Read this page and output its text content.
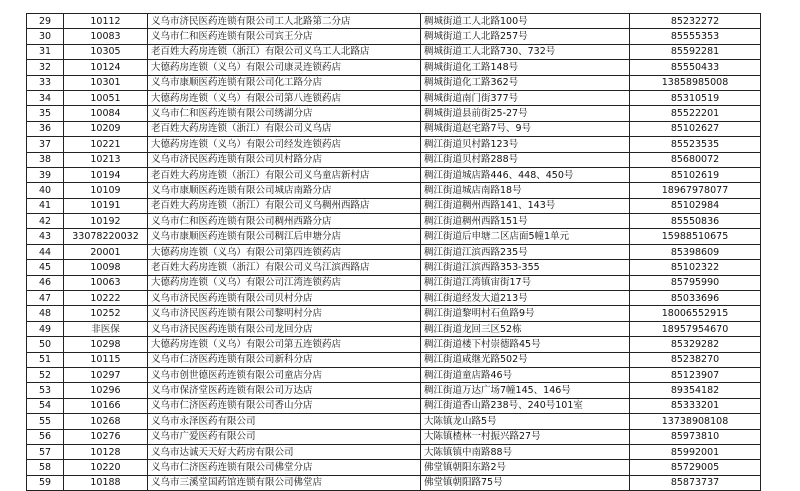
29	10112	义乌市济民医药连锁有限公司工人北路第二分店	稠城街道工人北路100号	85232272
30	10083	义乌市仁和医药连锁有限公司宾王分店	稠城街道工人北路257号	85555353
31	10305	老百姓大药房连锁（浙江）有限公司义乌工人北路店	稠城街道工人北路730、732号	85592281
32	10124	大德药房连锁（义乌）有限公司康灵连锁药店	稠城街道化工路148号	85550433
33	10301	义乌市康顺医药连锁有限公司化工路分店	稠城街道化工路362号	13858985008
34	10051	大德药房连锁（义乌）有限公司第八连锁药店	稠城街道南门街377号	85310519
35	10084	义乌市仁和医药连锁有限公司绣湖分店	稠城街道县前街25-27号	85522201
36	10209	老百姓大药房连锁（浙江）有限公司义乌店	稠城街道赵宅路7号、9号	85102627
37	10221	大德药房连锁（义乌）有限公司经发连锁药店	稠江街道贝村路123号	85523535
38	10213	义乌市济民医药连锁有限公司贝村路分店	稠江街道贝村路288号	85680072
39	10194	老百姓大药房连锁（浙江）有限公司义乌童店新村店	稠江街道城店路446、448、450号	85102619
40	10109	义乌市康顺医药连锁有限公司城店南路分店	稠江街道城店南路18号	18967978077
41	10191	老百姓大药房连锁（浙江）有限公司义乌稠州西路店	稠江街道稠州西路141、143号	85102984
42	10192	义乌市仁和医药连锁有限公司稠州西路分店	稠江街道稠州西路151号	85550836
43	33078220032	义乌市康顺医药连锁有限公司稠江后申塘分店	稠江街道后申塘二区店面5幢1单元	15988510675
44	20001	大德药房连锁（义乌）有限公司第四连锁药店	稠江街道江滨西路235号	85398609
45	10098	老百姓大药房连锁（浙江）有限公司义乌江滨西路店	稠江街道江滨西路353-355	85102322
46	10063	大德药房连锁（义乌）有限公司江湾连锁药店	稠江街道江湾镇宙街17号	85795990
47	10222	义乌市济民医药连锁有限公司贝村分店	稠江街道经发大道213号	85033696
48	10252	义乌市济民医药连锁有限公司黎明村分店	稠江街道黎明村石鱼路9号	18006552915
49	非医保	义乌市济民医药连锁有限公司龙回分店	稠江街道龙回三区52栋	18957954670
50	10298	大德药房连锁（义乌）有限公司第五连锁药店	稠江街道楼下村崇德路45号	85329282
51	10115	义乌市仁济医药连锁有限公司新科分店	稠江街道咸继光路502号	85238270
52	10297	义乌市创世德医药连锁有限公司童店分店	稠江街道童店路46号	85123907
53	10296	义乌市保济堂医药连锁有限公司万达店	稠江街道万达广场7幢145、146号	89354182
54	10166	义乌市仁济医药连锁有限公司香山分店	稠江街道香山路238号、240号101室	85333201
55	10268	义乌市永泽医药有限公司	大陈镇龙山路5号	13738908108
56	10276	义乌市广爱医药有限公司	大陈镇楂林一村振兴路27号	85973810
57	10128	义乌市达诚天天好大药房有限公司	大陈镇镇中南路88号	85992001
58	10220	义乌市仁济医药连锁有限公司佛堂分店	佛堂镇朝阳东路2号	85729005
59	10188	义乌市三溪堂国药馆连锁有限公司佛堂店	佛堂镇朝阳路75号	85873737
